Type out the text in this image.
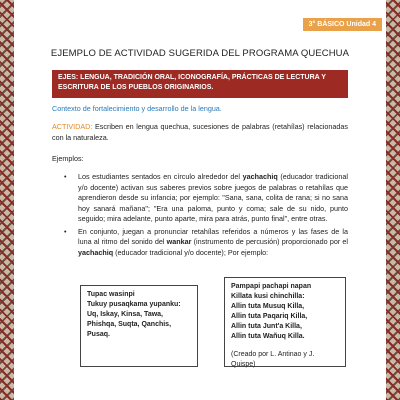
3° BÁSICO Unidad 4
EJEMPLO DE ACTIVIDAD SUGERIDA DEL PROGRAMA QUECHUA
EJES: LENGUA, TRADICIÓN ORAL, ICONOGRAFÍA, PRÁCTICAS DE LECTURA Y ESCRITURA DE LOS PUEBLOS ORIGINARIOS.
Contexto de fortalecimiento y desarrollo de la lengua.
ACTIVIDAD: Escriben en lengua quechua, sucesiones de palabras (retahílas) relacionadas con la naturaleza.
Ejemplos:
• Los estudiantes sentados en círculo alrededor del yachachiq (educador tradicional y/o docente) activan sus saberes previos sobre juegos de palabras o retahílas que aprendieron desde su infancia; por ejemplo: "Sana, sana, colita de rana; si no sana hoy sanará mañana"; "Era una paloma, punto y coma; sale de su nido, punto seguido; mira adelante, punto aparte, mira para atrás, punto final", entre otras.
• En conjunto, juegan a pronunciar retahílas referidos a números y las fases de la luna al ritmo del sonido del wankar (instrumento de percusión) proporcionado por el yachachiq (educador tradicional y/o docente); Por ejemplo:
Tupac wasinpi
Tukuy pusaqkama yupanku:
Uq, Iskay, Kinsa, Tawa, Phishqa, Suqta, Qanchis, Pusaq.
Pampapi pachapi napan
Killata kusi chinchilla:
Allin tuta Musuq Killa,
Allin tuta Paqariq Killa,
Allin tuta Junt'a Killa,
Allin tuta Wañuq Killa.
(Creado por L. Antinao y J. Quispe)
